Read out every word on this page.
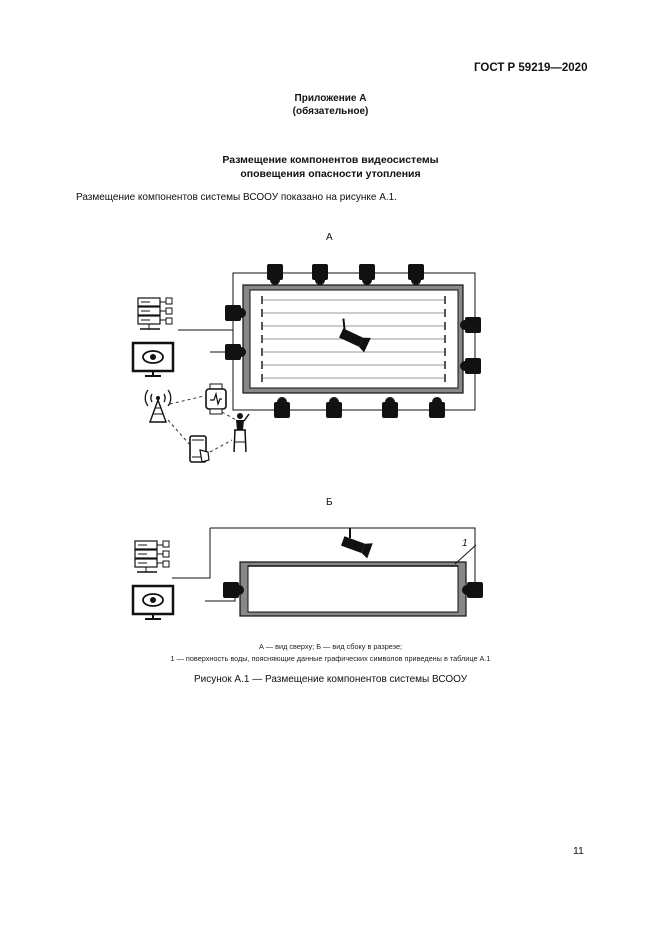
ГОСТ Р 59219—2020
Приложение А
(обязательное)
Размещение компонентов видеосистемы
оповещения опасности утопления
Размещение компонентов системы ВСООУ показано на рисунке А.1.
А
Б
1
А — вид сверху; Б — вид сбоку в разрезе;
1 — поверхность воды, поясняющие данные графических символов приведены в таблице А.1
Рисунок А.1 — Размещение компонентов системы ВСООУ
11
